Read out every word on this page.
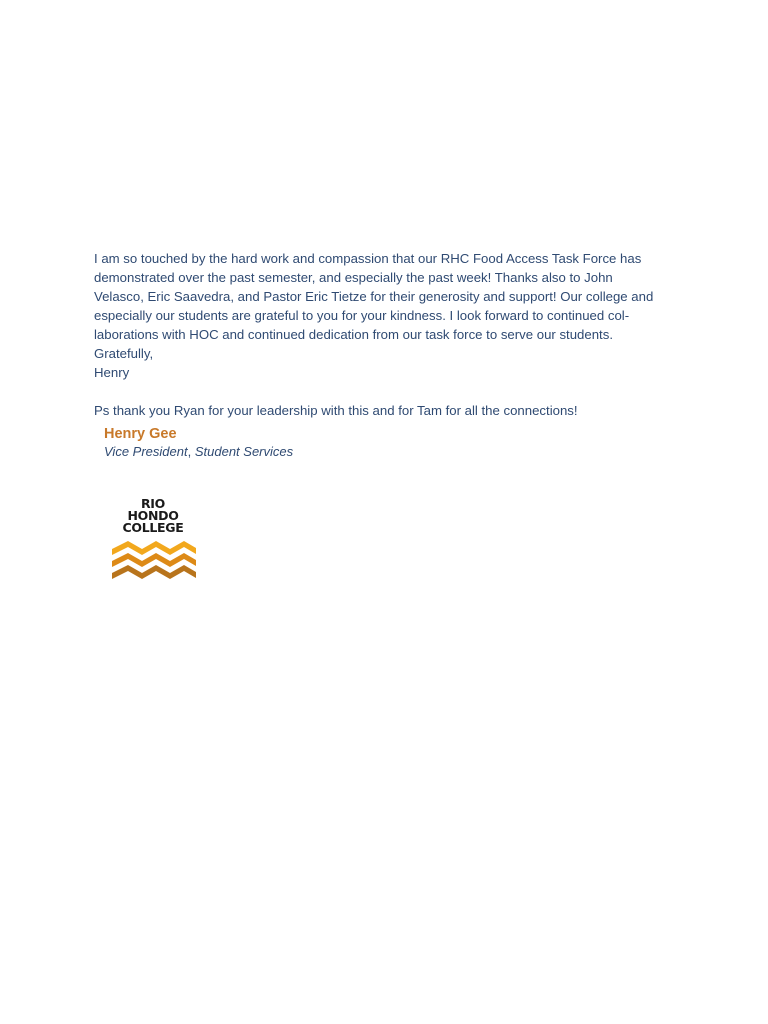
I am so touched by the hard work and compassion that our RHC Food Access Task Force has
demonstrated over the past semester, and especially the past week! Thanks also to John
Velasco, Eric Saavedra, and Pastor Eric Tietze for their generosity and support! Our college and
especially our students are grateful to you for your kindness. I look forward to continued col-
laborations with HOC and continued dedication from our task force to serve our students.

Gratefully,

Henry

Ps thank you Ryan for your leadership with this and for Tam for all the connections!

Henry Gee
Vice President, Student Services
RIO
HONDO
COLLEGE
